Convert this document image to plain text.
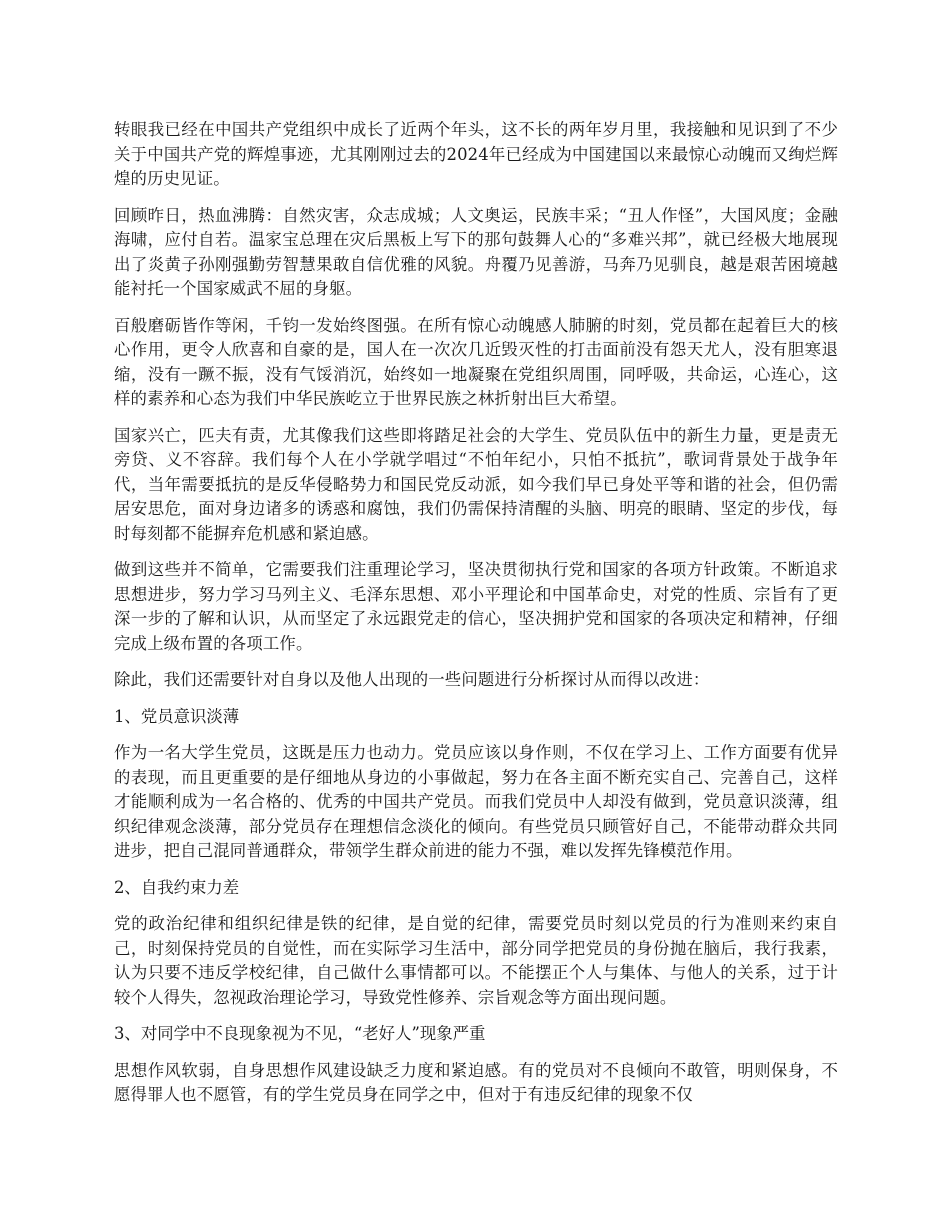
转眼我已经在中国共产党组织中成长了近两个年头，这不长的两年岁月里，我接触和见识到了不少关于中国共产党的辉煌事迹，尤其刚刚过去的2024年已经成为中国建国以来最惊心动魄而又绚烂辉煌的历史见证。

回顾昨日，热血沸腾：自然灾害，众志成城；人文奥运，民族丰采；“丑人作怪”，大国风度；金融海啸，应付自若。温家宝总理在灾后黑板上写下的那句鼓舞人心的“多难兴邦”，就已经极大地展现出了炎黄子孙刚强勤劳智慧果敢自信优雅的风貌。舟覆乃见善游，马奔乃见驯良，越是艰苦困境越能衬托一个国家威武不屈的身躯。

百般磨砺皆作等闲，千钧一发始终图强。在所有惊心动魄感人肺腑的时刻，党员都在起着巨大的核心作用，更令人欣喜和自豪的是，国人在一次次几近毁灭性的打击面前没有怨天尤人，没有胆寒退缩，没有一蹶不振，没有气馁消沉，始终如一地凝聚在党组织周围，同呼吸，共命运，心连心，这样的素养和心态为我们中华民族屹立于世界民族之林折射出巨大希望。

国家兴亡，匹夫有责，尤其像我们这些即将踏足社会的大学生、党员队伍中的新生力量，更是责无旁贷、义不容辞。我们每个人在小学就学唱过“不怕年纪小，只怕不抵抗”，歌词背景处于战争年代，当年需要抵抗的是反华侵略势力和国民党反动派，如今我们早已身处平等和谐的社会，但仍需居安思危，面对身边诸多的诱惑和腐蚀，我们仍需保持清醒的头脑、明亮的眼睛、坚定的步伐，每时每刻都不能摒弃危机感和紧迫感。

做到这些并不简单，它需要我们注重理论学习，坚决贯彻执行党和国家的各项方针政策。不断追求思想进步，努力学习马列主义、毛泽东思想、邓小平理论和中国革命史，对党的性质、宗旨有了更深一步的了解和认识，从而坚定了永远跟党走的信心，坚决拥护党和国家的各项决定和精神，仔细完成上级布置的各项工作。

除此，我们还需要针对自身以及他人出现的一些问题进行分析探讨从而得以改进：

1、党员意识淡薄

作为一名大学生党员，这既是压力也动力。党员应该以身作则，不仅在学习上、工作方面要有优异的表现，而且更重要的是仔细地从身边的小事做起，努力在各主面不断充实自己、完善自己，这样才能顺利成为一名合格的、优秀的中国共产党员。而我们党员中人却没有做到，党员意识淡薄，组织纪律观念淡薄，部分党员存在理想信念淡化的倾向。有些党员只顾管好自己，不能带动群众共同进步，把自己混同普通群众，带领学生群众前进的能力不强，难以发挥先锋模范作用。

2、自我约束力差

党的政治纪律和组织纪律是铁的纪律，是自觉的纪律，需要党员时刻以党员的行为准则来约束自己，时刻保持党员的自觉性，而在实际学习生活中，部分同学把党员的身份抛在脑后，我行我素，认为只要不违反学校纪律，自己做什么事情都可以。不能摆正个人与集体、与他人的关系，过于计较个人得失，忽视政治理论学习，导致党性修养、宗旨观念等方面出现问题。

3、对同学中不良现象视为不见，“老好人”现象严重

思想作风软弱，自身思想作风建设缺乏力度和紧迫感。有的党员对不良倾向不敢管，明则保身，不愿得罪人也不愿管，有的学生党员身在同学之中，但对于有违反纪律的现象不仅
